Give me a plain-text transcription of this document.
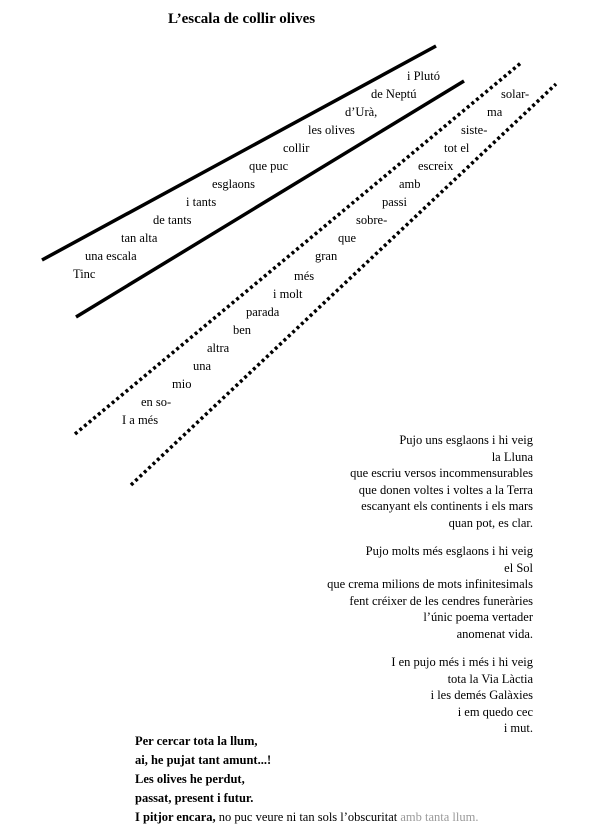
L’escala de collir olives
i Plutó
de Neptú
d’Urà,
les olives
collir
que puc
esglaons
i tants
de tants
tan alta
una escala
Tinc	més
i molt
parada
ben
altra
una
mio
en so-
I a més
solar-
ma
siste-
tot el
escreix
amb
passi
sobre-
que
gran
Pujo uns esglaons i hi veig
la Lluna
que escriu versos incommensurables
que donen voltes i voltes a la Terra
escanyant els continents i els mars
quan pot, es clar.
Pujo molts més esglaons i hi veig
el Sol
que crema milions de mots infinitesimals
fent créixer de les cendres funeràries
l’únic poema vertader
anomenat vida.
I en pujo més i més i hi veig
tota la Via Làctia
i les demés Galàxies
i em quedo cec
i mut.
Per cercar tota la llum,
ai, he pujat tant amunt...!
Les olives he perdut,
passat, present i futur.
I pitjor encara, no puc veure ni tan sols l’obscuritat amb tanta llum.
